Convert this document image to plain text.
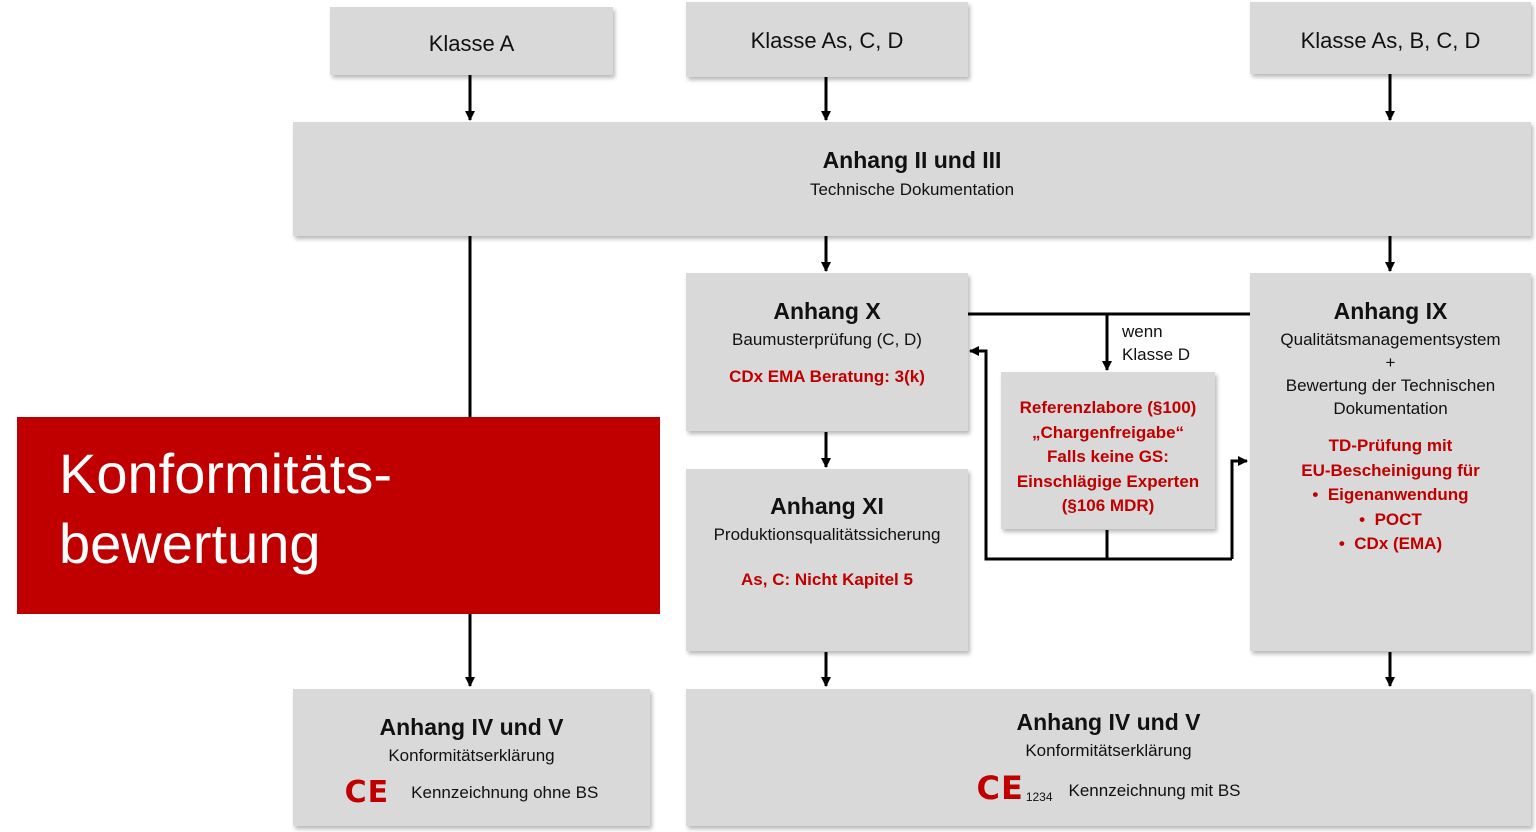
Klasse A	Klasse As, C, D	Klasse As, B, C, D
Anhang II und III
Technische Dokumentation
Anhang X
Baumusterprüfung (C, D)
CDx EMA Beratung: 3(k)
Anhang XI
Produktionsqualitätssicherung
As, C: Nicht Kapitel 5
wenn
Klasse D
Referenzlabore (§100)
„Chargenfreigabe“
Falls keine GS:
Einschlägige Experten
(§106 MDR)
Anhang IX
Qualitätsmanagementsystem
+
Bewertung der Technischen
Dokumentation
TD-Prüfung mit
EU-Bescheinigung für
•  Eigenanwendung
•  POCT
•  CDx (EMA)
Konformitäts-
bewertung
Anhang IV und V
Konformitätserklärung
CE Kennzeichnung ohne BS
Anhang IV und V
Konformitätserklärung
CE 1234 Kennzeichnung mit BS
